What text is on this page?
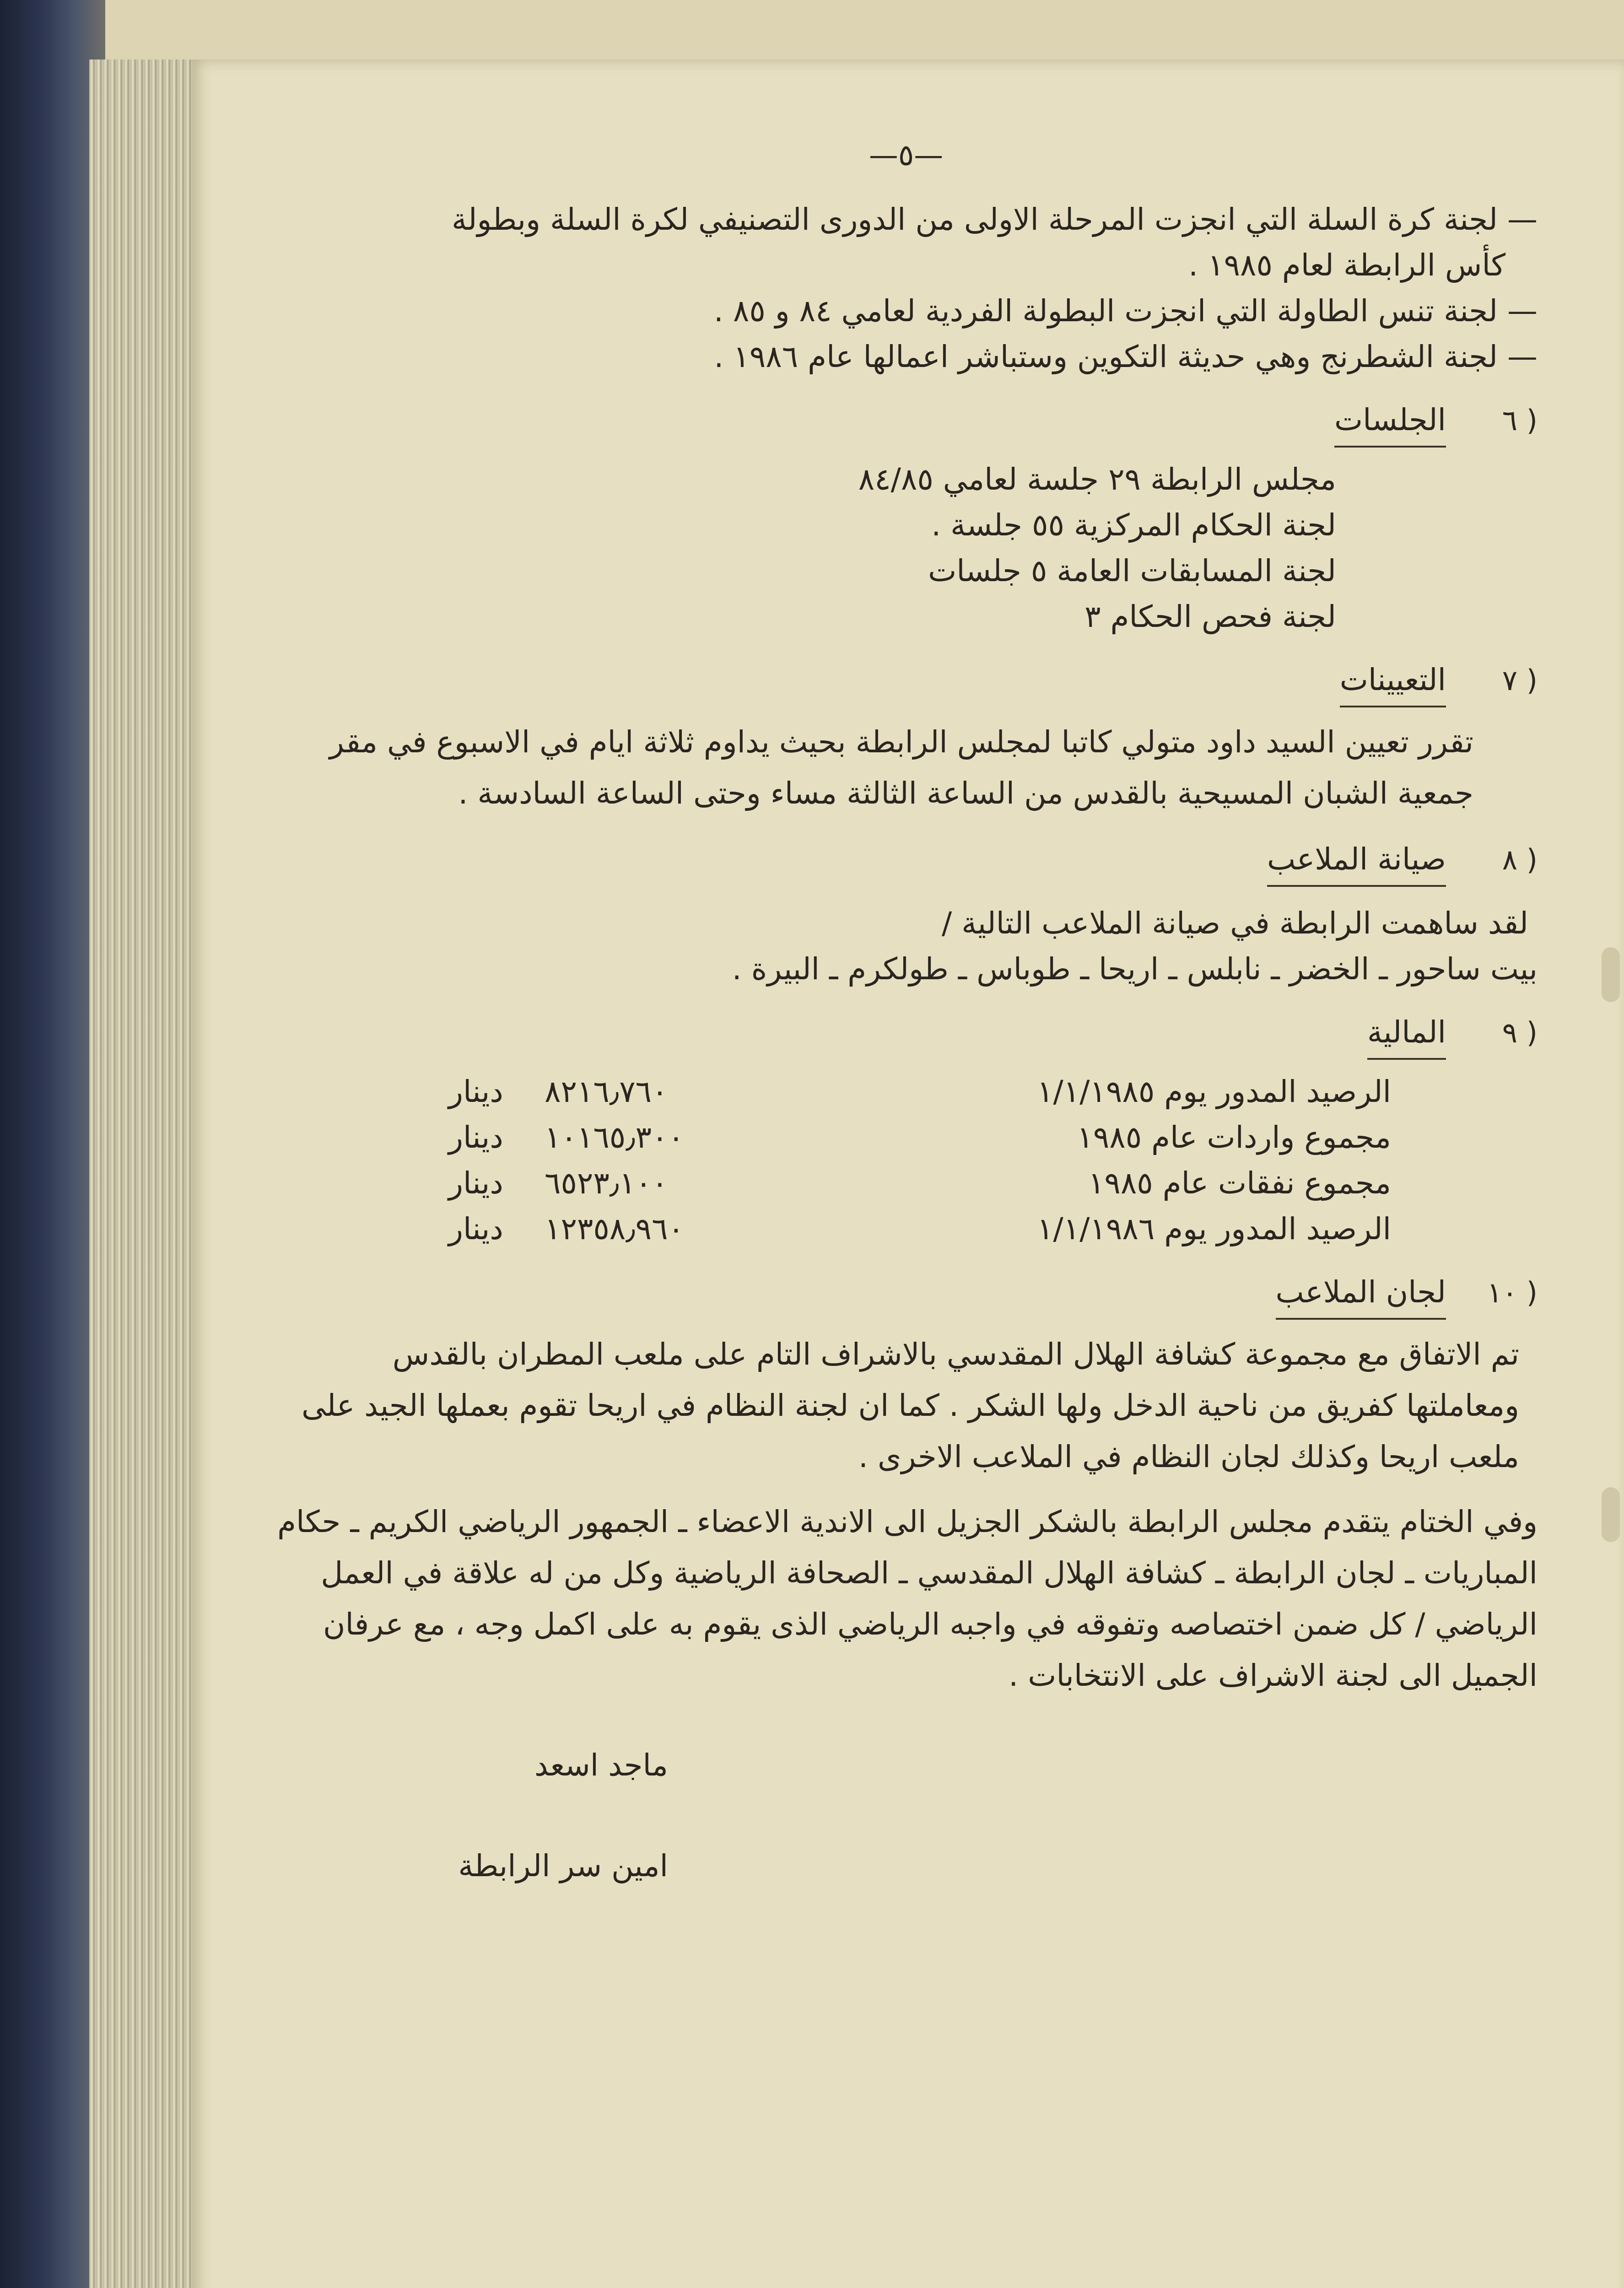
—٥—
— لجنة كرة السلة التي انجزت المرحلة الاولى من الدورى التصنيفي لكرة السلة وبطولة
كأس الرابطة لعام ١٩٨٥ .
— لجنة تنس الطاولة التي انجزت البطولة الفردية لعامي ٨٤ و ٨٥ .
— لجنة الشطرنج وهي حديثة التكوين وستباشر اعمالها عام ١٩٨٦ .
٦ )
الجلسات
مجلس الرابطة ٢٩ جلسة لعامي ٨٤/٨٥
لجنة الحكام المركزية ٥٥ جلسة .
لجنة المسابقات العامة ٥ جلسات
لجنة فحص الحكام ٣
٧ )
التعيينات
تقرر تعيين السيد داود متولي كاتبا لمجلس الرابطة بحيث يداوم ثلاثة ايام في الاسبوع في مقر جمعية الشبان المسيحية بالقدس من الساعة الثالثة مساء وحتى الساعة السادسة .
٨ )
صيانة الملاعب
لقد ساهمت الرابطة في صيانة الملاعب التالية /
بيت ساحور ـ الخضر ـ نابلس ـ اريحا ـ طوباس ـ طولكرم ـ البيرة .
٩ )
المالية
الرصيد المدور يوم ١/١/١٩٨٥
٨٢١٦٫٧٦٠
دينار
مجموع واردات عام ١٩٨٥
١٠١٦٥٫٣٠٠
دينار
مجموع نفقات عام ١٩٨٥
٦٥٢٣٫١٠٠
دينار
الرصيد المدور يوم ١/١/١٩٨٦
١٢٣٥٨٫٩٦٠
دينار
١٠ )
لجان الملاعب
تم الاتفاق مع مجموعة كشافة الهلال المقدسي بالاشراف التام على ملعب المطران بالقدس ومعاملتها كفريق من ناحية الدخل ولها الشكر . كما ان لجنة النظام في اريحا تقوم بعملها الجيد على ملعب اريحا وكذلك لجان النظام في الملاعب الاخرى .
وفي الختام يتقدم مجلس الرابطة بالشكر الجزيل الى الاندية الاعضاء ـ الجمهور الرياضي الكريم ـ حكام المباريات ـ لجان الرابطة ـ كشافة الهلال المقدسي ـ الصحافة الرياضية وكل من له علاقة في العمل الرياضي / كل ضمن اختصاصه وتفوقه في واجبه الرياضي الذى يقوم به على اكمل وجه ، مع عرفان الجميل الى لجنة الاشراف على الانتخابات .
ماجد اسعد
امين سر الرابطة
